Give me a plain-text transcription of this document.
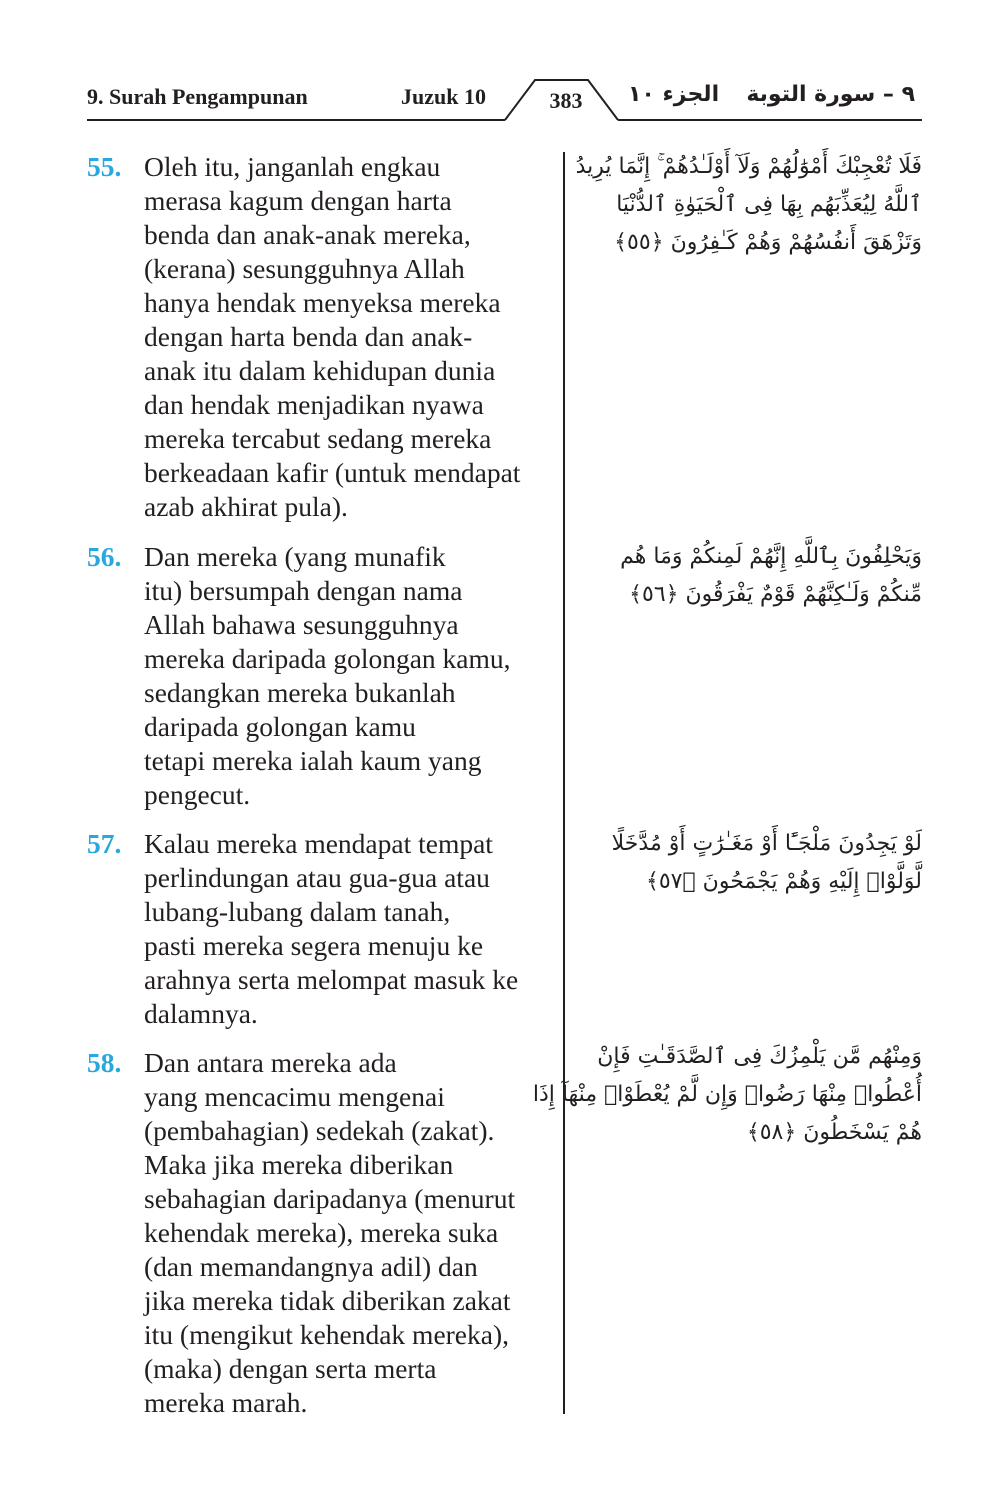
9. Surah Pengampunan	Juzuk 10	383	الجزء ١٠ ٩ – سورة التوبة
55. Oleh itu, janganlah engkau
merasa kagum dengan harta
benda dan anak-anak mereka,
(kerana) sesungguhnya Allah
hanya hendak menyeksa mereka
dengan harta benda dan anak-
anak itu dalam kehidupan dunia
dan hendak menjadikan nyawa
mereka tercabut sedang mereka
berkeadaan kafir (untuk mendapat
azab akhirat pula).
فَلَا تُعْجِبْكَ أَمْوَٰلُهُمْ وَلَآ أَوْلَـٰدُهُمْ ۚ إِنَّمَا يُرِيدُ
ٱللَّهُ لِيُعَذِّبَهُم بِهَا فِى ٱلْحَيَوٰةِ ٱلدُّنْيَا
وَتَزْهَقَ أَنفُسُهُمْ وَهُمْ كَـٰفِرُونَ ﴿٥٥﴾
56. Dan mereka (yang munafik
itu) bersumpah dengan nama
Allah bahawa sesungguhnya
mereka daripada golongan kamu,
sedangkan mereka bukanlah
daripada golongan kamu
tetapi mereka ialah kaum yang
pengecut.
وَيَحْلِفُونَ بِٱللَّهِ إِنَّهُمْ لَمِنكُمْ وَمَا هُم
مِّنكُمْ وَلَـٰكِنَّهُمْ قَوْمٌ يَفْرَقُونَ ﴿٥٦﴾
57. Kalau mereka mendapat tempat
perlindungan atau gua-gua atau
lubang-lubang dalam tanah,
pasti mereka segera menuju ke
arahnya serta melompat masuk ke
dalamnya.
لَوْ يَجِدُونَ مَلْجَـًٔا أَوْ مَغَـٰرَٰتٍ أَوْ مُدَّخَلًا
لَّوَلَّوْا۟ إِلَيْهِ وَهُمْ يَجْمَحُونَ ﴿٥٧﴾
58. Dan antara mereka ada
yang mencacimu mengenai
(pembahagian) sedekah (zakat).
Maka jika mereka diberikan
sebahagian daripadanya (menurut
kehendak mereka), mereka suka
(dan memandangnya adil) dan
jika mereka tidak diberikan zakat
itu (mengikut kehendak mereka),
(maka) dengan serta merta
mereka marah.
وَمِنْهُم مَّن يَلْمِزُكَ فِى ٱلصَّدَقَـٰتِ فَإِنْ
أُعْطُوا۟ مِنْهَا رَضُوا۟ وَإِن لَّمْ يُعْطَوْا۟ مِنْهَآ إِذَا
هُمْ يَسْخَطُونَ ﴿٥٨﴾
